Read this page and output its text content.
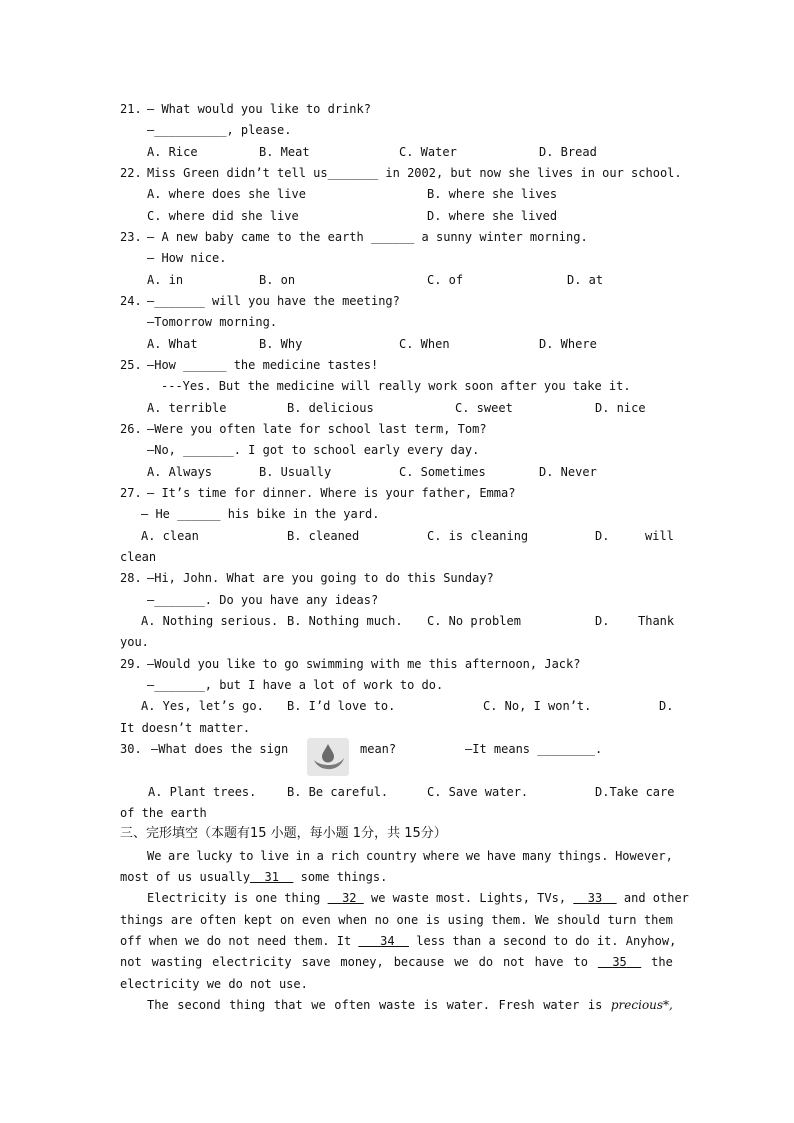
21. — What would you like to drink?
—__________, please.
A. Rice	B. Meat	C. Water	D. Bread
22. Miss Green didn’t tell us_______ in 2002, but now she lives in our school.
A. where does she live	B. where she lives
C. where did she live	D. where she lived
23. — A new baby came to the earth ______ a sunny winter morning.
— How nice.
A. in	B. on	C. of	D. at
24. —_______ will you have the meeting?
—Tomorrow morning.
A. What	B. Why	C. When	D. Where
25. —How ______ the medicine tastes!
---Yes. But the medicine will really work soon after you take it.
A. terrible	B. delicious	C. sweet	D. nice
26. —Were you often late for school last term, Tom?
—No, _______. I got to school early every day.
A. Always	B. Usually	C. Sometimes	D. Never
27. — It’s time for dinner. Where is your father, Emma?
— He ______ his bike in the yard.
A. clean	B. cleaned	C. is cleaning	D.	will
clean
28. —Hi, John. What are you going to do this Sunday?
—_______. Do you have any ideas?
A. Nothing serious. B. Nothing much. C. No problem	D. Thank
you.
29. —Would you like to go swimming with me this afternoon, Jack?
—_______, but I have a lot of work to do.
A. Yes, let’s go. B. I’d love to.	C. No, I won’t.	D.
It doesn’t matter.
30. —What does the sign	mean?	—It means ________.
A. Plant trees.	B. Be careful.	C. Save water.	D.Take care
of the earth
三、完形填空（本题有15 小题，每小题 1分，共 15分）
We are lucky to live in a rich country where we have many things. However,
most of us usually 31   some things.
Electricity is one thing   32  we waste most. Lights, TVs,   33   and other
things are often kept on even when no one is using them. We should turn them
off when we do not need them. It    34   less than a second to do it. Anyhow,
not wasting electricity save money, because we do not have to	35	the
electricity we do not use.
The second thing that we often waste is water. Fresh water is precious*,
